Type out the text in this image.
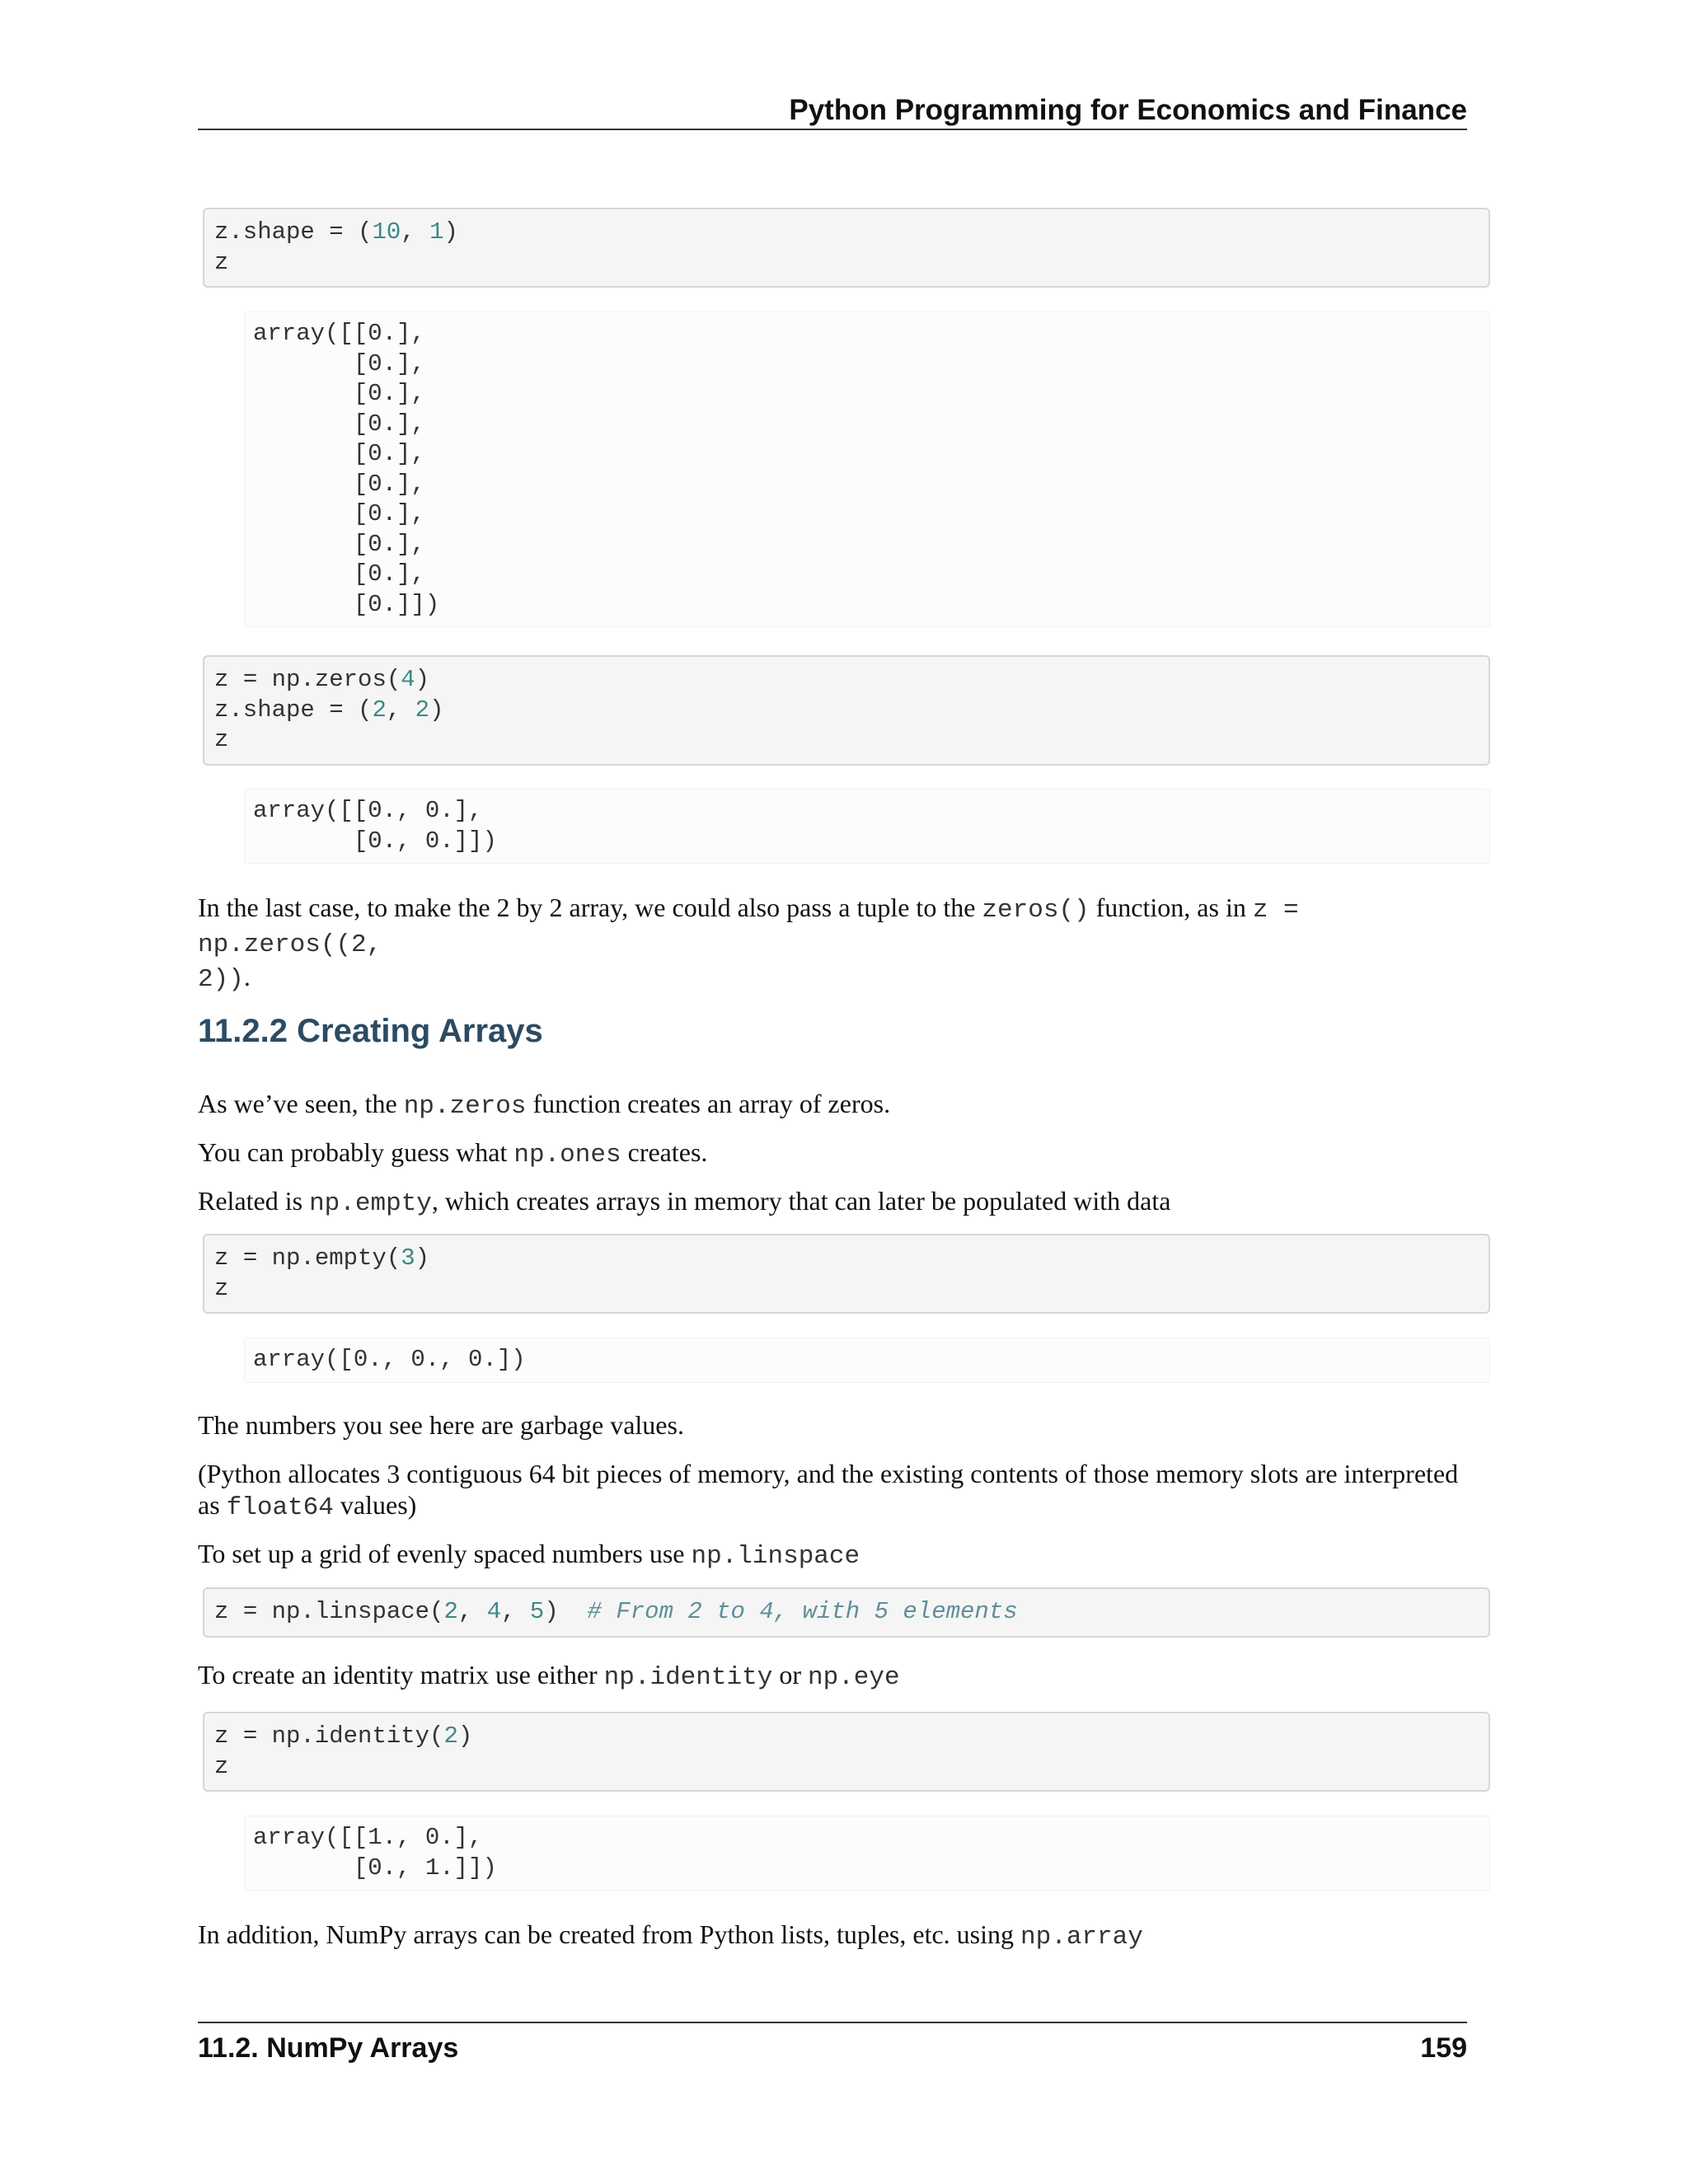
Python Programming for Economics and Finance
z.shape = (10, 1)
z
array([[0.],
[0.],
[0.],
[0.],
[0.],
[0.],
[0.],
[0.],
[0.],
[0.]])
z = np.zeros(4)
z.shape = (2, 2)
z
array([[0., 0.],
[0., 0.]])
In the last case, to make the 2 by 2 array, we could also pass a tuple to the zeros() function, as in z = np.zeros((2,
2)).
11.2.2 Creating Arrays
As we’ve seen, the np.zeros function creates an array of zeros.
You can probably guess what np.ones creates.
Related is np.empty, which creates arrays in memory that can later be populated with data
z = np.empty(3)
z
array([0., 0., 0.])
The numbers you see here are garbage values.
(Python allocates 3 contiguous 64 bit pieces of memory, and the existing contents of those memory slots are interpreted
as float64 values)
To set up a grid of evenly spaced numbers use np.linspace
z = np.linspace(2, 4, 5)  # From 2 to 4, with 5 elements
To create an identity matrix use either np.identity or np.eye
z = np.identity(2)
z
array([[1., 0.],
[0., 1.]])
In addition, NumPy arrays can be created from Python lists, tuples, etc. using np.array
11.2. NumPy Arrays	159
